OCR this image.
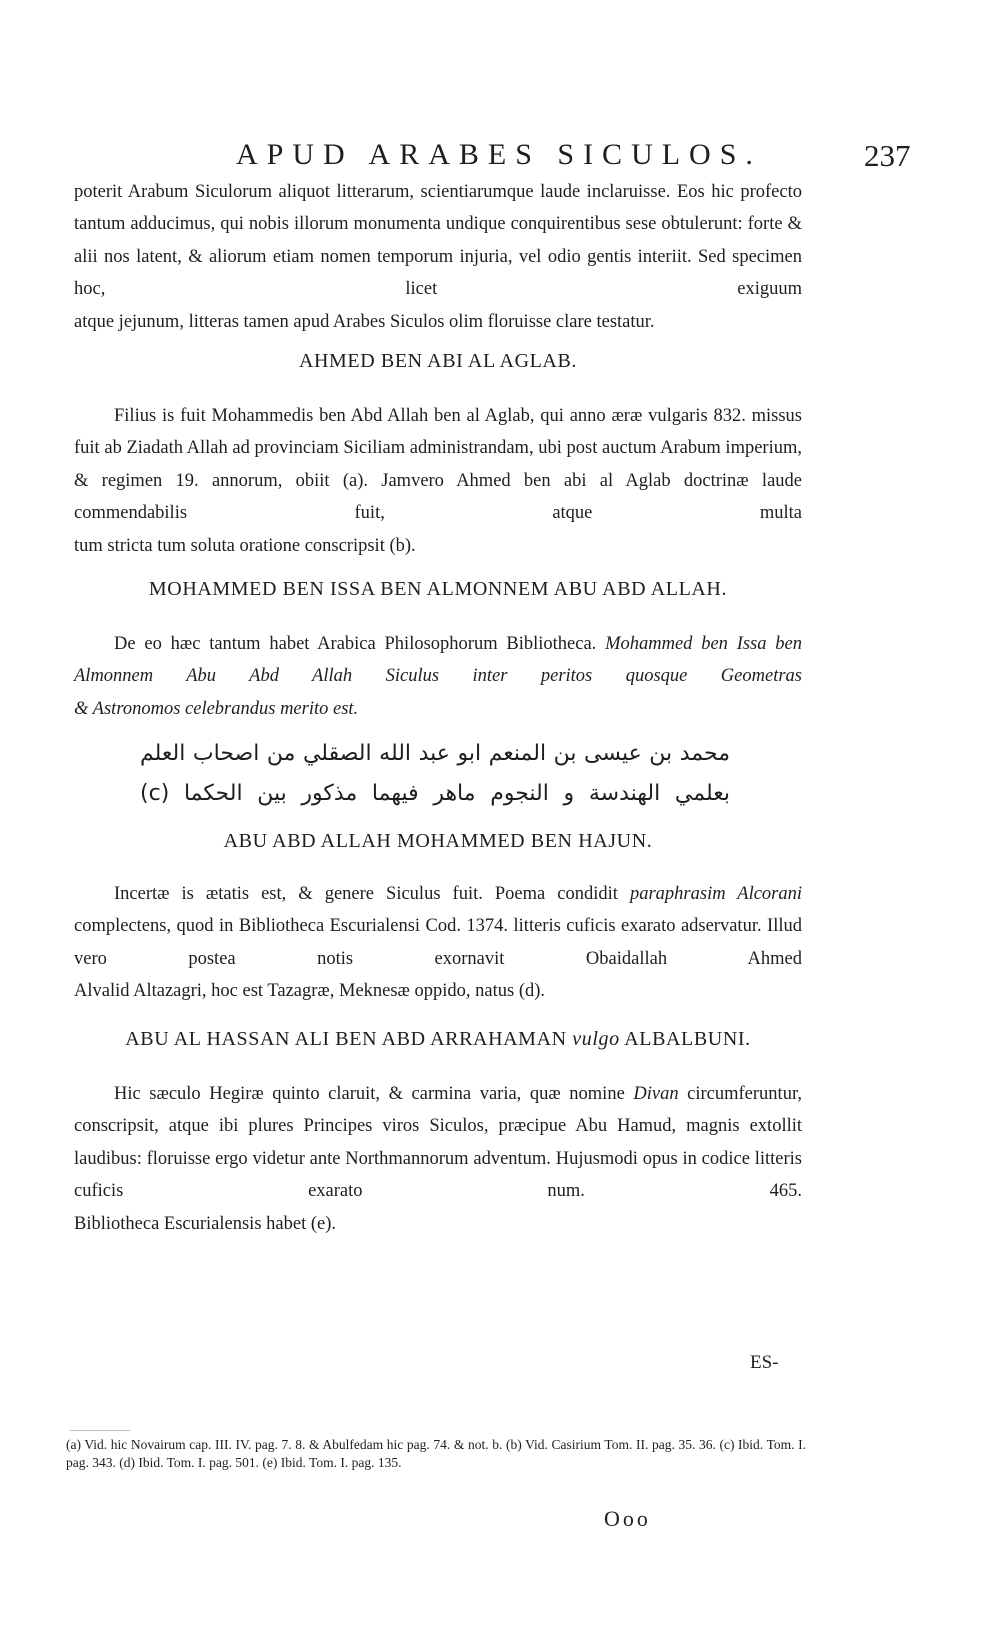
APUD ARABES SICULOS.	237
poterit Arabum Siculorum aliquot litterarum, scientiarumque laude inclaruisse. Eos hic profecto tantum adducimus, qui nobis illorum monumenta undique conquirentibus sese obtulerunt: forte & alii nos latent, & aliorum etiam nomen temporum injuria, vel odio gentis interiit. Sed specimen hoc, licet exiguum
atque jejunum, litteras tamen apud Arabes Siculos olim floruisse clare testatur.
AHMED BEN ABI AL AGLAB.
Filius is fuit Mohammedis ben Abd Allah ben al Aglab, qui anno æræ vulgaris 832. missus fuit ab Ziadath Allah ad provinciam Siciliam administrandam, ubi post auctum Arabum imperium, & regimen 19. annorum, obiit (a). Jamvero Ahmed ben abi al Aglab doctrinæ laude commendabilis fuit, atque multa
tum stricta tum soluta oratione conscripsit (b).
MOHAMMED BEN ISSA BEN ALMONNEM ABU ABD ALLAH.
De eo hæc tantum habet Arabica Philosophorum Bibliotheca. Mohammed ben Issa ben Almonnem Abu Abd Allah Siculus inter peritos quosque Geometras
& Astronomos celebrandus merito est.
محمد بن عيسى بن المنعم ابو عبد الله الصقلي من اصحاب العلم
بعلمي الهندسة و النجوم ماهر فيهما مذكور بين الحكما (c)
ABU ABD ALLAH MOHAMMED BEN HAJUN.
Incertæ is ætatis est, & genere Siculus fuit. Poema condidit paraphrasim Alcorani complectens, quod in Bibliotheca Escurialensi Cod. 1374. litteris cuficis exarato adservatur. Illud vero postea notis exornavit Obaidallah Ahmed
Alvalid Altazagri, hoc est Tazagræ, Meknesæ oppido, natus (d).
ABU AL HASSAN ALI BEN ABD ARRAHAMAN vulgo ALBALBUNI.
Hic sæculo Hegiræ quinto claruit, & carmina varia, quæ nomine Divan circumferuntur, conscripsit, atque ibi plures Principes viros Siculos, præcipue Abu Hamud, magnis extollit laudibus: floruisse ergo videtur ante Northmannorum adventum. Hujusmodi opus in codice litteris cuficis exarato num. 465.
Bibliotheca Escurialensis habet (e).
ES-
(a) Vid. hic Novairum cap. III. IV. pag. 7. 8. & Abulfedam hic pag. 74. & not. b. (b) Vid. Casirium Tom. II. pag. 35. 36. (c) Ibid. Tom. I. pag. 343. (d) Ibid. Tom. I. pag. 501. (e) Ibid. Tom. I. pag. 135.
Ooo
